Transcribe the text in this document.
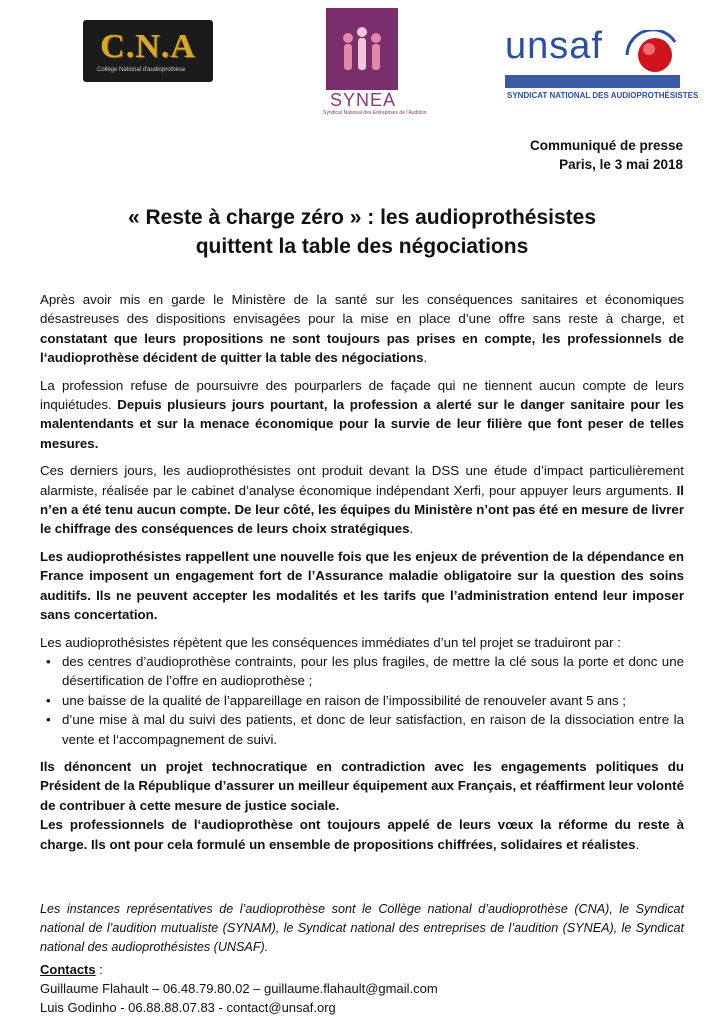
C.N.A
Collège National d'audioprothèse
SYNEA
Syndicat National des Entreprises de l'Audition
unsaf
SYNDICAT NATIONAL DES AUDIOPROTHÉSISTES
Communiqué de presse
Paris, le 3 mai 2018
« Reste à charge zéro » : les audioprothésistes
quittent la table des négociations

Après avoir mis en garde le Ministère de la santé sur les conséquences sanitaires et économiques désastreuses des dispositions envisagées pour la mise en place d’une offre sans reste à charge, et constatant que leurs propositions ne sont toujours pas prises en compte, les professionnels de l‘audioprothèse décident de quitter la table des négociations.

La profession refuse de poursuivre des pourparlers de façade qui ne tiennent aucun compte de leurs inquiétudes. Depuis plusieurs jours pourtant, la profession a alerté sur le danger sanitaire pour les malentendants et sur la menace économique pour la survie de leur filière que font peser de telles mesures.

Ces derniers jours, les audioprothésistes ont produit devant la DSS une étude d’impact particulièrement alarmiste, réalisée par le cabinet d’analyse économique indépendant Xerfi, pour appuyer leurs arguments. Il n’en a été tenu aucun compte. De leur côté, les équipes du Ministère n’ont pas été en mesure de livrer le chiffrage des conséquences de leurs choix stratégiques.

Les audioprothésistes rappellent une nouvelle fois que les enjeux de prévention de la dépendance en France imposent un engagement fort de l’Assurance maladie obligatoire sur la question des soins auditifs. Ils ne peuvent accepter les modalités et les tarifs que l’administration entend leur imposer sans concertation.

Les audioprothésistes répètent que les conséquences immédiates d’un tel projet se traduiront par :

• des centres d’audioprothèse contraints, pour les plus fragiles, de mettre la clé sous la porte et donc une désertification de l’offre en audioprothèse ;
• une baisse de la qualité de l’appareillage en raison de l’impossibilité de renouveler avant 5 ans ;
• d’une mise à mal du suivi des patients, et donc de leur satisfaction, en raison de la dissociation entre la vente et l‘accompagnement de suivi.

Ils dénoncent un projet technocratique en contradiction avec les engagements politiques du Président de la République d’assurer un meilleur équipement aux Français, et réaffirment leur volonté de contribuer à cette mesure de justice sociale.

Les professionnels de l‘audioprothèse ont toujours appelé de leurs vœux la réforme du reste à charge. Ils ont pour cela formulé un ensemble de propositions chiffrées, solidaires et réalistes.

Les instances représentatives de l’audioprothèse sont le Collège national d’audioprothèse (CNA), le Syndicat national de l’audition mutualiste (SYNAM), le Syndicat national des entreprises de l’audition (SYNEA), le Syndicat national des audioprothésistes (UNSAF).
Contacts :
Guillaume Flahault – 06.48.79.80.02 – guillaume.flahault@gmail.com
Luis Godinho - 06.88.88.07.83 - contact@unsaf.org
